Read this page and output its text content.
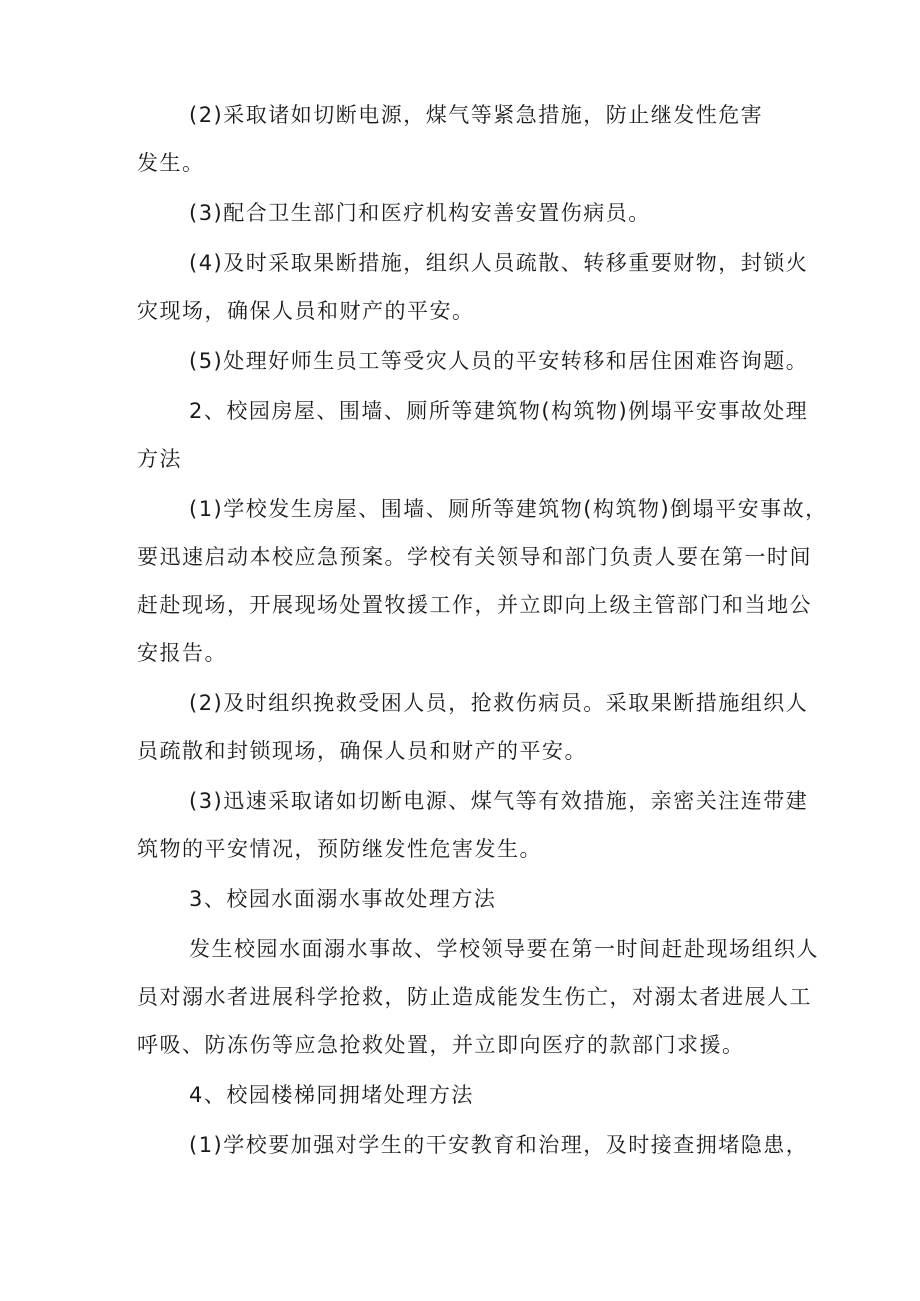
(2)采取诸如切断电源，煤气等紧急措施，防止继发性危害
发生。
(3)配合卫生部门和医疗机构安善安置伤病员。
(4)及时采取果断措施，组织人员疏散、转移重要财物，封锁火
灾现场，确保人员和财产的平安。
(5)处理好师生员工等受灾人员的平安转移和居住困难咨询题。
2、校园房屋、围墙、厕所等建筑物(构筑物)例塌平安事故处理
方法
(1)学校发生房屋、围墙、厕所等建筑物(构筑物)倒塌平安事故，
要迅速启动本校应急预案。学校有关领导和部门负责人要在第一时间
赶赴现场，开展现场处置牧援工作，并立即向上级主管部门和当地公
安报告。
(2)及时组织挽救受困人员，抢救伤病员。采取果断措施组织人
员疏散和封锁现场，确保人员和财产的平安。
(3)迅速采取诸如切断电源、煤气等有效措施，亲密关注连带建
筑物的平安情况，预防继发性危害发生。
3、校园水面溺水事故处理方法
发生校园水面溺水事故、学校领导要在第一时间赶赴现场组织人
员对溺水者进展科学抢救，防止造成能发生伤亡，对溺太者进展人工
呼吸、防冻伤等应急抢救处置，并立即向医疗的款部门求援。
4、校园楼梯同拥堵处理方法
(1)学校要加强对学生的干安教育和治理，及时接查拥堵隐患，
